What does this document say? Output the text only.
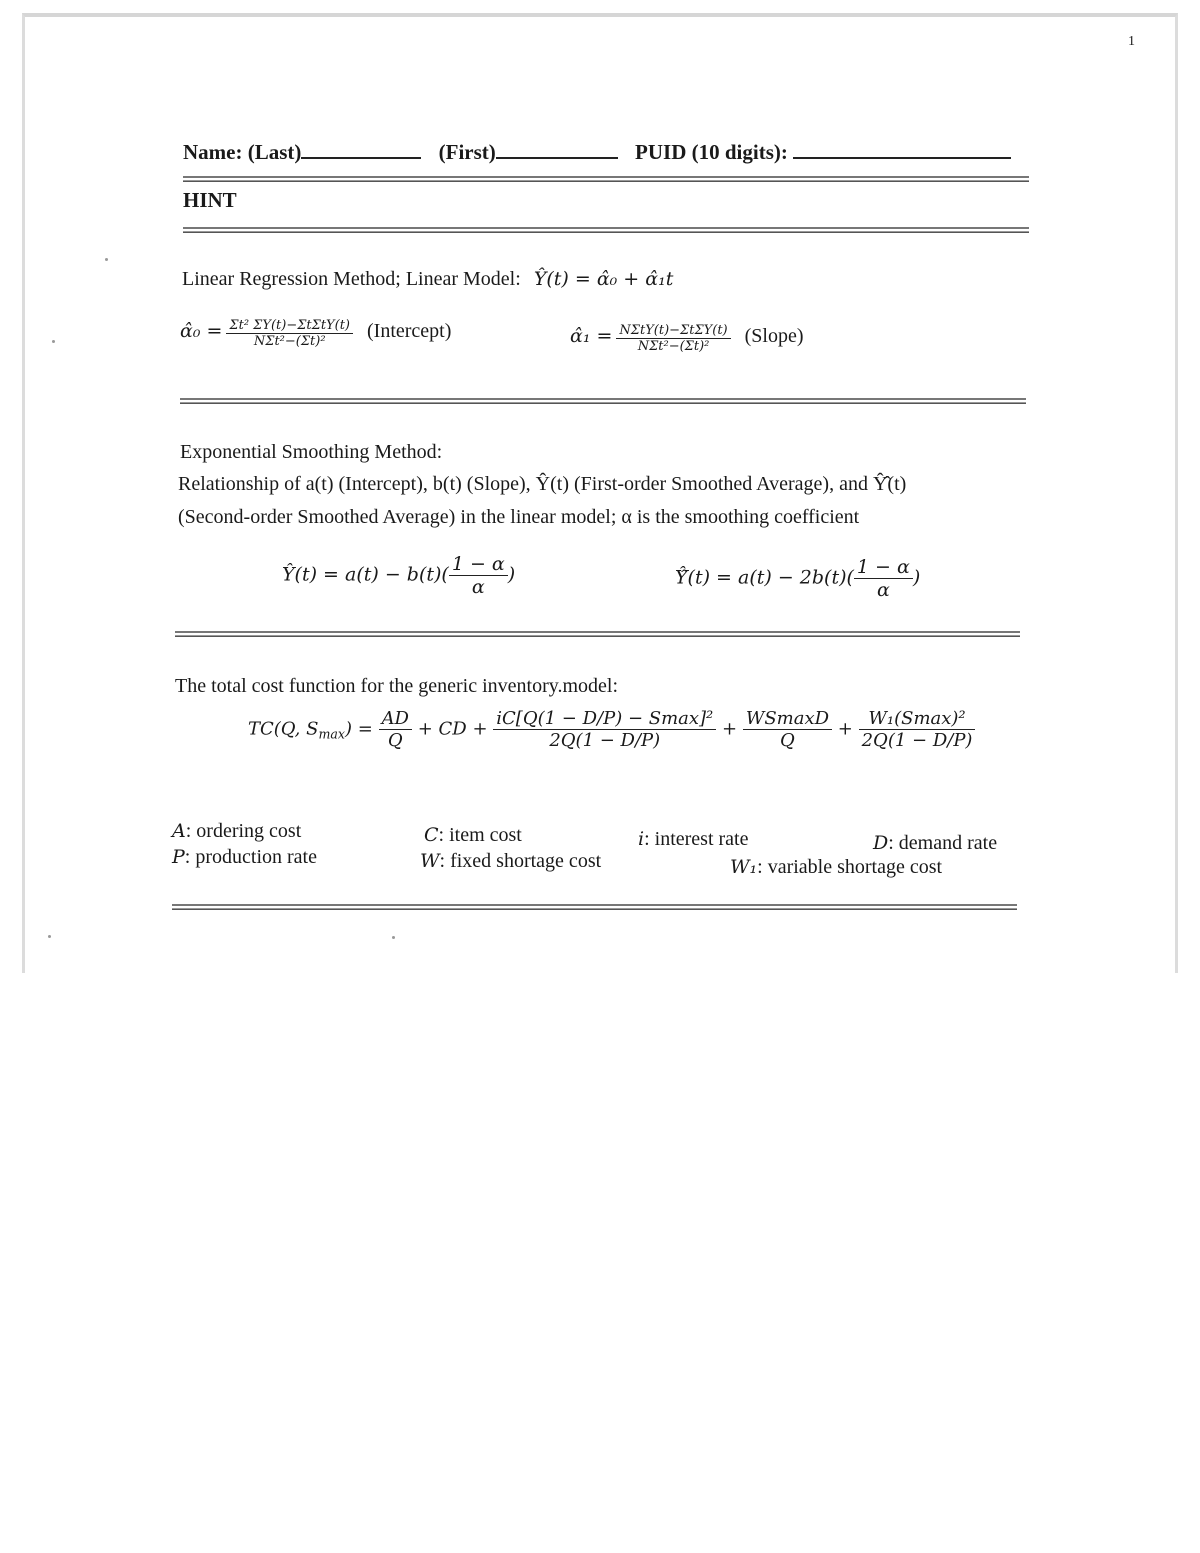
1
Name: (Last)	(First)	PUID (10 digits):
HINT
Linear Regression Method; Linear Model: Ŷ(t) = α̂₀ + α̂₁t
α̂₀ = $\frac{\text{Σt² ΣY(t)−ΣtΣtY(t)}}{\text{NΣt²−(Σt)²}}$ (Intercept)	α̂₁ = $\frac{\text{NΣtY(t)−ΣtΣY(t)}}{\text{NΣt²−(Σt)²}}$ (Slope)
Exponential Smoothing Method:
Relationship of a(t) (Intercept), b(t) (Slope), Ŷ(t) (First-order Smoothed Average), and Ŷ̂(t)
(Second-order Smoothed Average) in the linear model; α is the smoothing coefficient
Ŷ(t) = $a(t) - b(t)( \frac{1 - \alpha}{\alpha}$ )	Ŷ̂(t) = $a(t) - 2b(t)( \frac{1 - \alpha}{\alpha}$ )
The total cost function for the generic inventory.model:
TC(Q, $S_{max}) = \frac{AD}{Q}$ + CD + $\frac{\text{iC[Q(1 − D/P) − Smax]²}}{2Q(1 - D/P)} + \frac{WSmaxD}{Q} + \frac{\text{W₁(Smax)²}}{2Q(1 - D/P)}$
A: ordering cost	C: item cost	i: interest rate	D: demand rate
P: production rate	W: fixed shortage cost	W₁: variable shortage cost
